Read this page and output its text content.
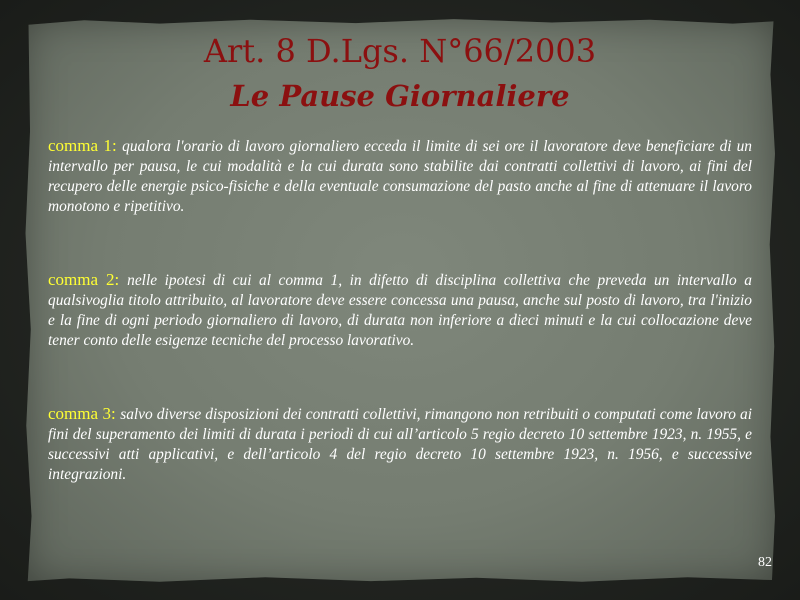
Art. 8 D.Lgs. N°66/2003
Le Pause Giornaliere

comma 1: qualora l'orario di lavoro giornaliero ecceda il limite di sei ore il lavoratore deve beneficiare di un intervallo per pausa, le cui modalità e la cui durata sono stabilite dai contratti collettivi di lavoro, ai fini del recupero delle energie psico-fisiche e della eventuale consumazione del pasto anche al fine di attenuare il lavoro monotono e ripetitivo.

comma 2: nelle ipotesi di cui al comma 1, in difetto di disciplina collettiva che preveda un intervallo a qualsivoglia titolo attribuito, al lavoratore deve essere concessa una pausa, anche sul posto di lavoro, tra l'inizio e la fine di ogni periodo giornaliero di lavoro, di durata non inferiore a dieci minuti e la cui collocazione deve tener conto delle esigenze tecniche del processo lavorativo.

comma 3: salvo diverse disposizioni dei contratti collettivi, rimangono non retribuiti o computati come lavoro ai fini del superamento dei limiti di durata i periodi di cui all’articolo 5 regio decreto 10 settembre 1923, n. 1955, e successivi atti applicativi, e dell’articolo 4 del regio decreto 10 settembre 1923, n. 1956, e successive integrazioni.

82
